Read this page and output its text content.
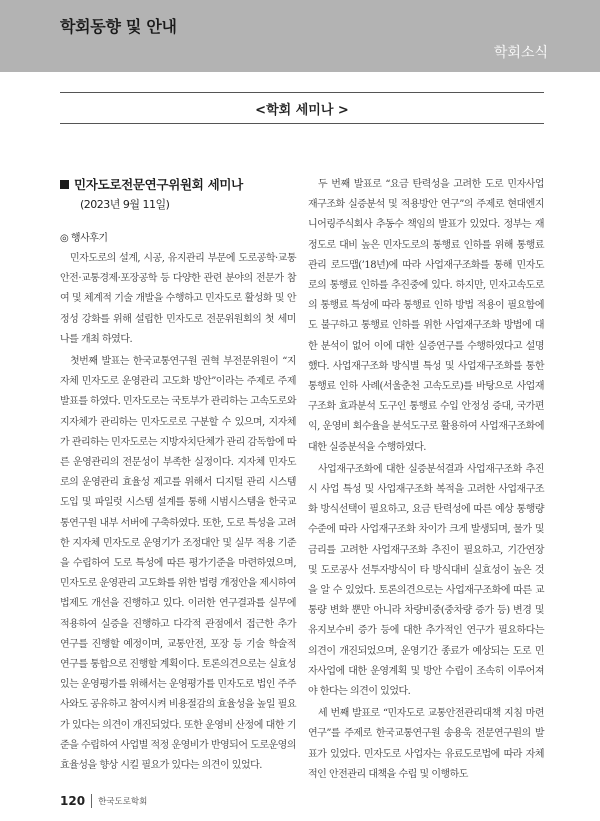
학회동향 및 안내
학회소식
<학회 세미나 >
민자도로전문연구위원회 세미나
(2023년 9월 11일)
◎ 행사후기

민자도로의 설계, 시공, 유지관리 부문에 도로공학·교통안전·교통경제·포장공학 등 다양한 관련 분야의 전문가 참여 및 체계적 기술 개발을 수행하고 민자도로 활성화 및 안정성 강화를 위해 설립한 민자도로 전문위원회의 첫 세미나를 개최 하였다.

첫번째 발표는 한국교통연구원 권혁 부전문위원이 “지자체 민자도로 운영관리 고도화 방안”이라는 주제로 주제발표를 하였다. 민자도로는 국토부가 관리하는 고속도로와 지자체가 관리하는 민자도로로 구분할 수 있으며, 지자체가 관리하는 민자도로는 지방자치단체가 관리 감독함에 따른 운영관리의 전문성이 부족한 실정이다. 지자체 민자도로의 운영관리 효율성 제고를 위해서 디지털 관리 시스템 도입 및 파일럿 시스템 설계를 통해 시범시스템을 한국교통연구원 내부 서버에 구축하였다. 또한, 도로 특성을 고려한 지자체 민자도로 운영기가 조정대안 및 실무 적용 기준을 수립하여 도로 특성에 따른 평가기준을 마련하였으며, 민자도로 운영관리 고도화를 위한 법령 개정안을 제시하여 법제도 개선을 진행하고 있다. 이러한 연구결과를 실무에 적용하여 실증을 진행하고 다각적 관점에서 접근한 추가 연구를 진행할 예정이며, 교통안전, 포장 등 기술 학술적 연구를 통합으로 진행할 계획이다. 토론의견으로는 실효성 있는 운영평가를 위해서는 운영평가를 민자도로 법인 주주사와도 공유하고 참여시켜 비용절감의 효율성을 높일 필요가 있다는 의견이 개진되었다. 또한 운영비 산정에 대한 기준을 수립하여 사업별 적정 운영비가 반영되어 도로운영의 효율성을 향상 시킬 필요가 있다는 의견이 있었다.

두 번째 발표로 “요금 탄력성을 고려한 도로 민자사업 재구조화 실증분석 및 적용방안 연구”의 주제로 현대엔지니어링주식회사 추동수 책임의 발표가 있었다. 정부는 재정도로 대비 높은 민자도로의 통행료 인하를 위해 통행료관리 로드맵(’18년)에 따라 사업재구조화를 통해 민자도로의 통행료 인하를 추진중에 있다. 하지만, 민자고속도로의 통행료 특성에 따라 통행료 인하 방법 적용이 필요함에도 불구하고 통행료 인하를 위한 사업재구조화 방법에 대한 분석이 없어 이에 대한 실증연구를 수행하였다고 설명했다. 사업재구조화 방식별 특성 및 사업재구조화를 통한 통행료 인하 사례(서울춘천 고속도로)를 바탕으로 사업재구조화 효과분석 도구인 통행료 수입 안정성 증대, 국가편익, 운영비 회수율을 분석도구로 활용하여 사업재구조화에 대한 실증분석을 수행하였다.

사업재구조화에 대한 실증분석결과 사업재구조화 추진시 사업 특성 및 사업재구조화 복적을 고려한 사업재구조화 방식선택이 필요하고, 요금 탄력성에 따른 예상 통행량 수준에 따라 사업재구조화 차이가 크게 발생되며, 물가 및 금리를 고려한 사업재구조화 추진이 필요하고, 기간연장 및 도로공사 선투자방식이 타 방식대비 실효성이 높은 것을 알 수 있었다. 토론의견으로는 사업재구조화에 따른 교통량 변화 뿐만 아니라 차량비중(중차량 증가 등) 변경 및 유지보수비 증가 등에 대한 추가적인 연구가 필요하다는 의견이 개진되었으며, 운영기간 종료가 예상되는 도로 민자사업에 대한 운영계획 및 방안 수립이 조속히 이루어져야 한다는 의견이 있었다.

세 번째 발표로 “민자도로 교통안전관리대책 지침 마련 연구”를 주제로 한국교통연구원 송용욱 전문연구원의 발표가 있었다. 민자도로 사업자는 유료도로법에 따라 자체적인 안전관리 대책을 수립 및 이행하도

120 한국도로학회
